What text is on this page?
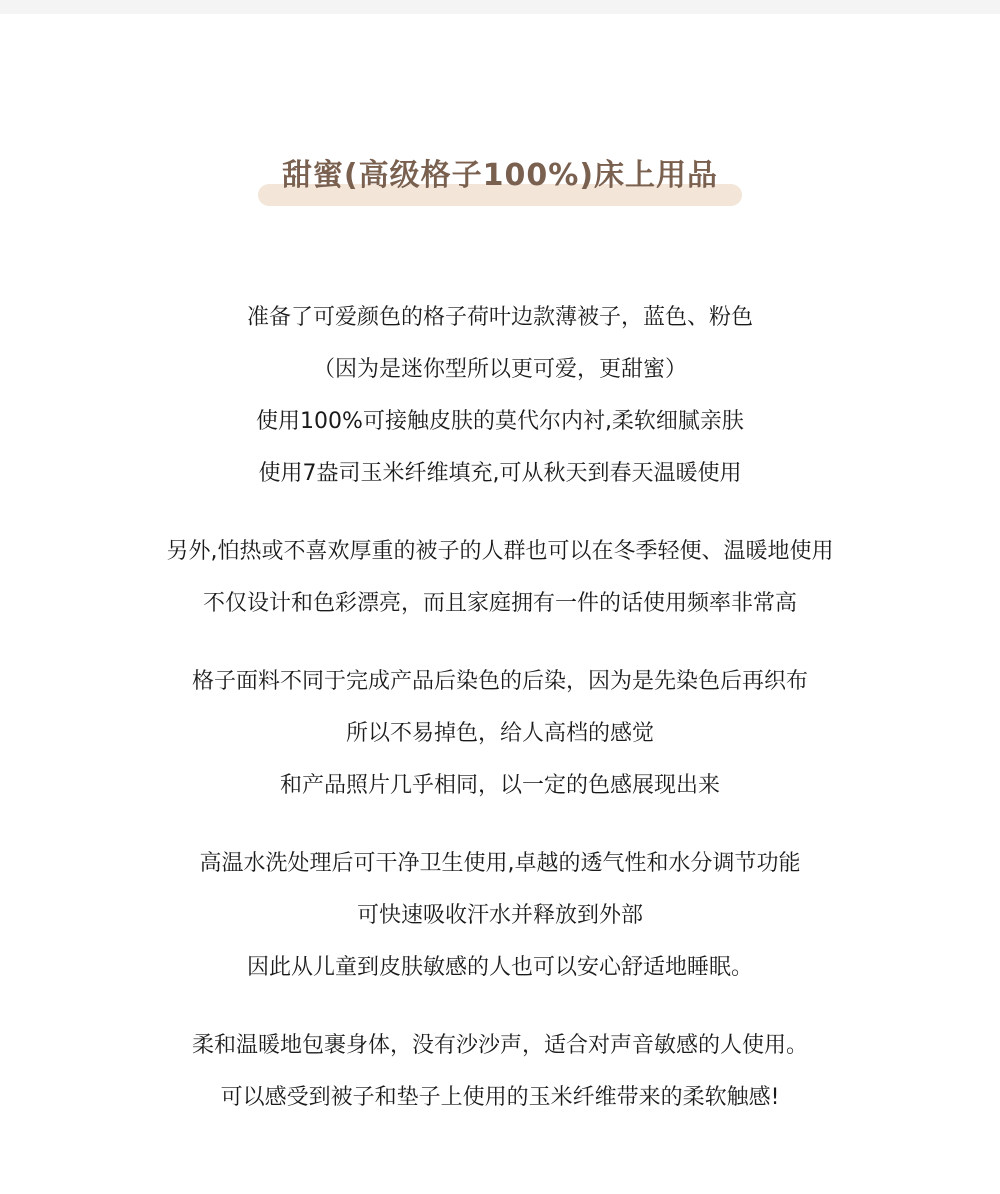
甜蜜(高级格子100%)床上用品
准备了可爱颜色的格子荷叶边款薄被子，蓝色、粉色
（因为是迷你型所以更可爱，更甜蜜）
使用100%可接触皮肤的莫代尔内衬,柔软细腻亲肤
使用7盎司玉米纤维填充,可从秋天到春天温暖使用
另外,怕热或不喜欢厚重的被子的人群也可以在冬季轻便、温暖地使用
不仅设计和色彩漂亮，而且家庭拥有一件的话使用频率非常高
格子面料不同于完成产品后染色的后染，因为是先染色后再织布
所以不易掉色，给人高档的感觉
和产品照片几乎相同，以一定的色感展现出来
高温水洗处理后可干净卫生使用,卓越的透气性和水分调节功能
可快速吸收汗水并释放到外部
因此从儿童到皮肤敏感的人也可以安心舒适地睡眠。
柔和温暖地包裹身体，没有沙沙声，适合对声音敏感的人使用。
可以感受到被子和垫子上使用的玉米纤维带来的柔软触感!
